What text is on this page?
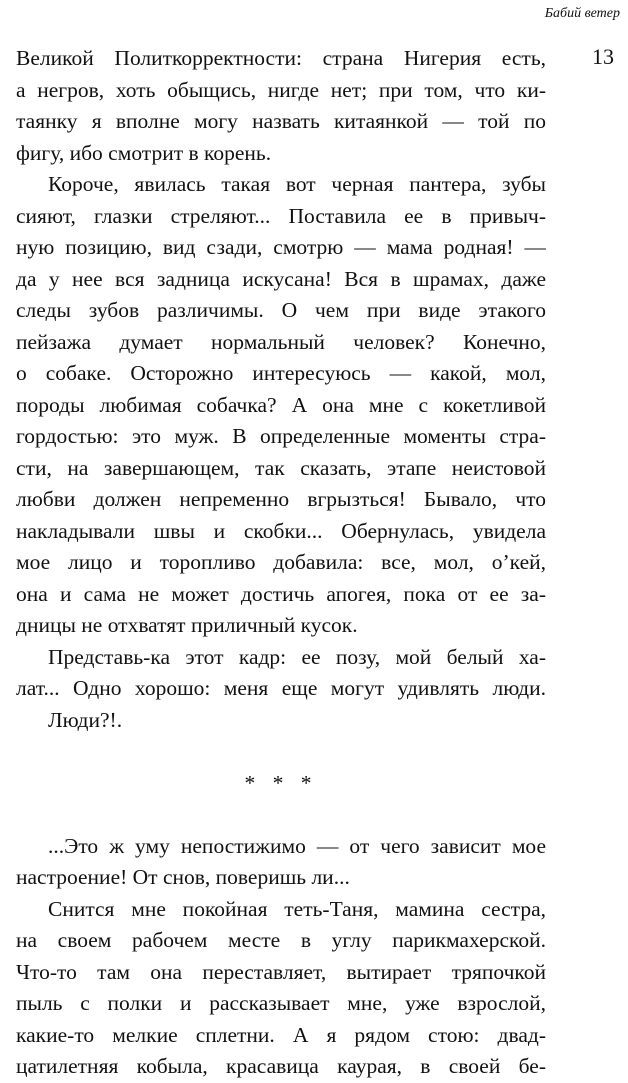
Бабий ветер
13
Великой Политкорректности: страна Нигерия есть,
а негров, хоть обыщись, нигде нет; при том, что ки-
таянку я вполне могу назвать китаянкой — той по
фигу, ибо смотрит в корень.
Короче, явилась такая вот черная пантера, зубы
сияют, глазки стреляют... Поставила ее в привыч-
ную позицию, вид сзади, смотрю — мама родная! —
да у нее вся задница искусана! Вся в шрамах, даже
следы зубов различимы. О чем при виде этакого
пейзажа думает нормальный человек? Конечно,
о собаке. Осторожно интересуюсь — какой, мол,
породы любимая собачка? А она мне с кокетливой
гордостью: это муж. В определенные моменты стра-
сти, на завершающем, так сказать, этапе неистовой
любви должен непременно вгрызться! Бывало, что
накладывали швы и скобки... Обернулась, увидела
мое лицо и торопливо добавила: все, мол, о’кей,
она и сама не может достичь апогея, пока от ее за-
дницы не отхватят приличный кусок.
Представь-ка этот кадр: ее позу, мой белый ха-
лат... Одно хорошо: меня еще могут удивлять люди.
Люди?!.
* * *
...Это ж уму непостижимо — от чего зависит мое
настроение! От снов, поверишь ли...
Снится мне покойная теть-Таня, мамина сестра,
на своем рабочем месте в углу парикмахерской.
Что-то там она переставляет, вытирает тряпочкой
пыль с полки и рассказывает мне, уже взрослой,
какие-то мелкие сплетни. А я рядом стою: двад-
цатилетняя кобыла, красавица каурая, в своей бе-
